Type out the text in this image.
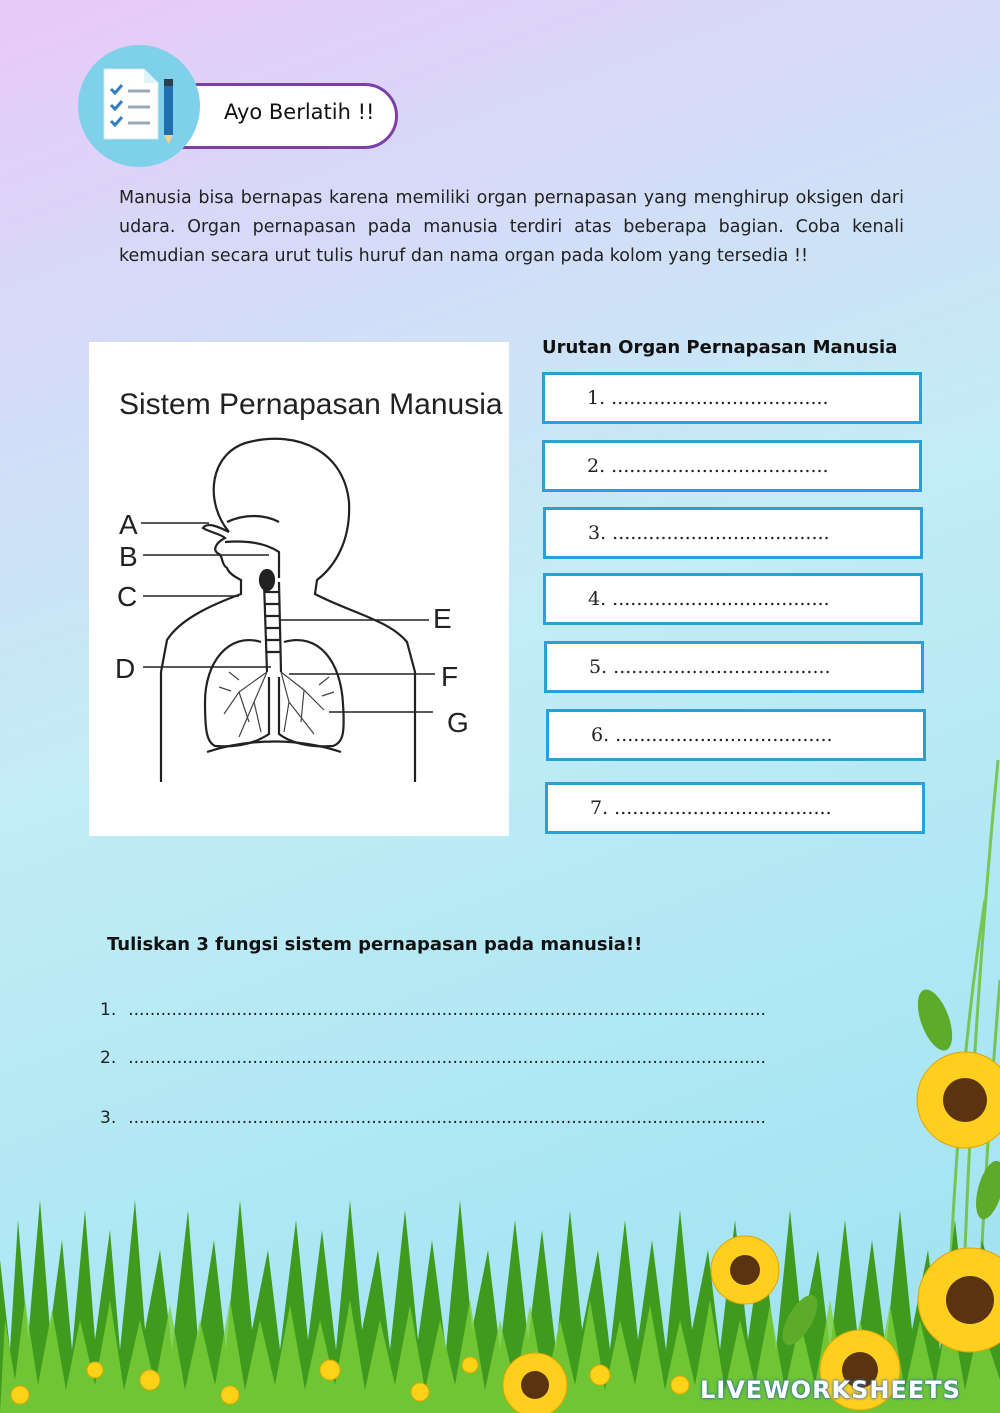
Ayo Berlatih !!
Manusia bisa bernapas karena memiliki organ pernapasan yang menghirup oksigen dari udara. Organ pernapasan pada manusia terdiri atas beberapa bagian. Coba kenali kemudian secara urut tulis huruf dan nama organ pada kolom yang tersedia !!
Sistem Pernapasan Manusia
A
B
C
D
E
F
G
Urutan Organ Pernapasan Manusia
1. ....................................
2. ....................................
3. ....................................
4. ....................................
5. ....................................
6. ....................................
7. ....................................
Tuliskan 3 fungsi sistem pernapasan pada manusia!!
1. ......................................................................................................................
2. ......................................................................................................................
3. ......................................................................................................................
LIVEWORKSHEETS
